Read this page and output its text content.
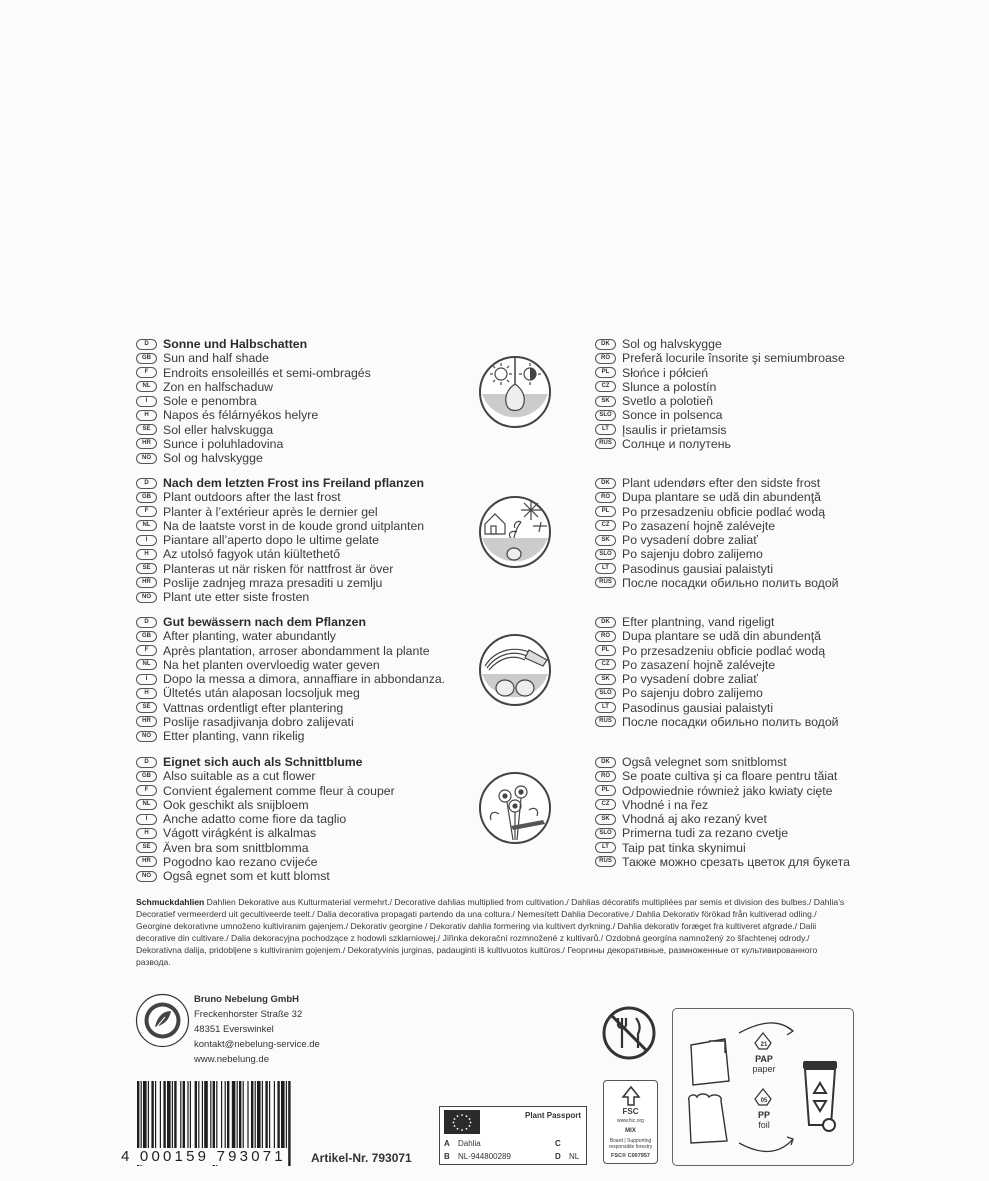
D	Sonne und Halbschatten
GB Sun and half shade
F	Endroits ensoleillés et semi-ombragés
NL	Zon en halfschaduw
I	Sole e penombra
H	Napos és félárnyékos helyre
SE	Sol eller halvskugga
HR Sunce i poluhladovina
NO Sol og halvskygge
DK Sol og halvskygge
RO Preferă locurile însorite şi semiumbroase
PL	Słońce i półcień
CZ	Slunce a polostín
SK	Svetlo a polotieň
SLO Sonce in polsenca
LT	Įsaulis ir prietamsis
RUS Солнце и полутень
D	Nach dem letzten Frost ins Freiland pflanzen
GB Plant outdoors after the last frost
F	Planter à l’extérieur après le dernier gel
NL	Na de laatste vorst in de koude grond uitplanten
I	Piantare all’aperto dopo le ultime gelate
H	Az utolsó fagyok után kiültethető
SE	Planteras ut när risken för nattfrost är över
HR Poslije zadnjeg mraza presaditi u zemlju
NO Plant ute etter siste frosten
DK Plant udendørs efter den sidste frost
RO Dupa plantare se udă din abundenţă
PL	Po przesadzeniu obficie podlać wodą
CZ	Po zasazení hojně zalévejte
SK	Po vysadení dobre zaliať
SLO Po sajenju dobro zalijemo
LT	Pasodinus gausiai palaistyti
RUS После посадки обильно полить водой
D	Gut bewässern nach dem Pflanzen
GB After planting, water abundantly
F	Après plantation, arroser abondamment la plante
NL	Na het planten overvloedig water geven
I	Dopo la messa a dimora, annaffiare in abbondanza.
H	Ültetés után alaposan locsoljuk meg
SE	Vattnas ordentligt efter plantering
HR Poslije rasadjivanja dobro zalijevati
NO Etter planting, vann rikelig
DK Efter plantning, vand rigeligt
RO Dupa plantare se udă din abundenţă
PL	Po przesadzeniu obficie podlać wodą
CZ	Po zasazení hojně zalévejte
SK	Po vysadení dobre zaliať
SLO Po sajenju dobro zalijemo
LT	Pasodinus gausiai palaistyti
RUS После посадки обильно полить водой
D	Eignet sich auch als Schnittblume
GB Also suitable as a cut flower
F	Convient également comme fleur à couper
NL	Ook geschikt als snijbloem
I	Anche adatto come fiore da taglio
H	Vágott virágként is alkalmas
SE	Även bra som snittblomma
HR Pogodno kao rezano cvijeće
NO Ogsâ egnet som et kutt blomst
DK Ogsâ velegnet som snitblomst
RO Se poate cultiva şi ca floare pentru tăiat
PL	Odpowiednie również jako kwiaty cięte
CZ	Vhodné i na řez
SK	Vhodná aj ako rezaný kvet
SLO Primerna tudi za rezano cvetje
LT	Taip pat tinka skynimui
RUS Также можно срезать цветок для букета

Schmuckdahlien Dahlien Dekorative aus Kulturmaterial vermehrt./ Decorative dahlias multiplied from cultivation./ Dahlias décoratifs multipliées par semis et division des bulbes./ Dahlia’s Decoratief vermeerderd uit gecultiveerde teelt./ Dalia decorativa propagati partendo da una coltura./ Nemesített Dahlia Decorative./ Dahlia Dekorativ förökad från kultiverad odling./ Georgine dekorativne umnoženo kultiviranim gajenjem./ Dekorativ georgine / Dekorativ dahlia formering via kultivert dyrkning./ Dahlia dekorativ foræget fra kultiveret afgrøde./ Dalii decorative din cultivare./ Dalia dekoracyjna pochodzące z hodowli szklarniowej./ Jiřinka dekorační rozmnožené z kultivarů./ Ozdobná georgína namnožený zo šľachtenej odrody./ Dekorativna dalija, pridobljene s kultiviranim gojenjem./ Dekoratyvinis jurginas, padauginti iš kultivuotos kultūros./ Георгины декоративные, размноженные от культивированного развода.

Bruno Nebelung GmbH
Freckenhorster Straße 32
48351 Everswinkel
kontakt@nebelung-service.de
www.nebelung.de
4 000159 793071 Artikel-Nr. 793071
Plant Passport
A Dahlia
B NL-944800289
C
D NL
FSC
www.fsc.org
MIX
Board | Supporting
responsible forestry
FSC® C007957
21
PAP
paper
05
PP
foil
